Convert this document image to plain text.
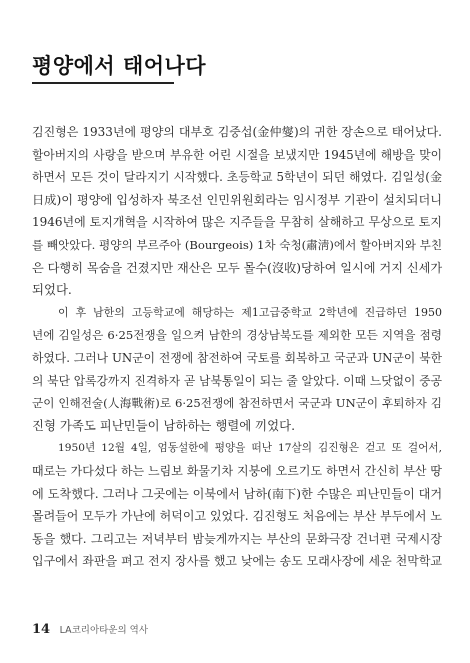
평양에서 태어나다

김진형은 1933년에 평양의 대부호 김중섭(金仲燮)의 귀한 장손으로 태어났다.
할아버지의 사랑을 받으며 부유한 어린 시절을 보냈지만 1945년에 해방을 맞이
하면서 모든 것이 달라지기 시작했다. 초등학교 5학년이 되던 해였다. 김일성(金
日成)이 평양에 입성하자 북조선 인민위원회라는 임시정부 기관이 설치되더니
1946년에 토지개혁을 시작하여 많은 지주들을 무참히 살해하고 무상으로 토지
를 빼앗았다. 평양의 부르주아 (Bourgeois) 1차 숙청(肅淸)에서 할아버지와 부친
은 다행히 목숨을 건졌지만 재산은 모두 몰수(沒收)당하여 일시에 거지 신세가
되었다.

이 후 남한의 고등학교에 해당하는 제1고급중학교 2학년에 진급하던 1950
년에 김일성은 6·25전쟁을 일으켜 남한의 경상남북도를 제외한 모든 지역을 점령
하였다. 그러나 UN군이 전쟁에 참전하여 국토를 회복하고 국군과 UN군이 북한
의 북단 압록강까지 진격하자 곧 남북통일이 되는 줄 알았다. 이때 느닷없이 중공
군이 인해전술(人海戰術)로 6·25전쟁에 참전하면서 국군과 UN군이 후퇴하자 김
진형 가족도 피난민들이 남하하는 행렬에 끼었다.

1950년 12월 4일, 엄동설한에 평양을 떠난 17살의 김진형은 걷고 또 걸어서,
때로는 가다섰다 하는 느림보 화물기차 지붕에 오르기도 하면서 간신히 부산 땅
에 도착했다. 그러나 그곳에는 이북에서 남하(南下)한 수많은 피난민들이 대거
몰려들어 모두가 가난에 허덕이고 있었다. 김진형도 처음에는 부산 부두에서 노
동을 했다. 그리고는 저녁부터 밤늦게까지는 부산의 문화극장 건너편 국제시장
입구에서 좌판을 펴고 전지 장사를 했고 낮에는 송도 모래사장에 세운 천막학교

14 LA코리아타운의 역사
